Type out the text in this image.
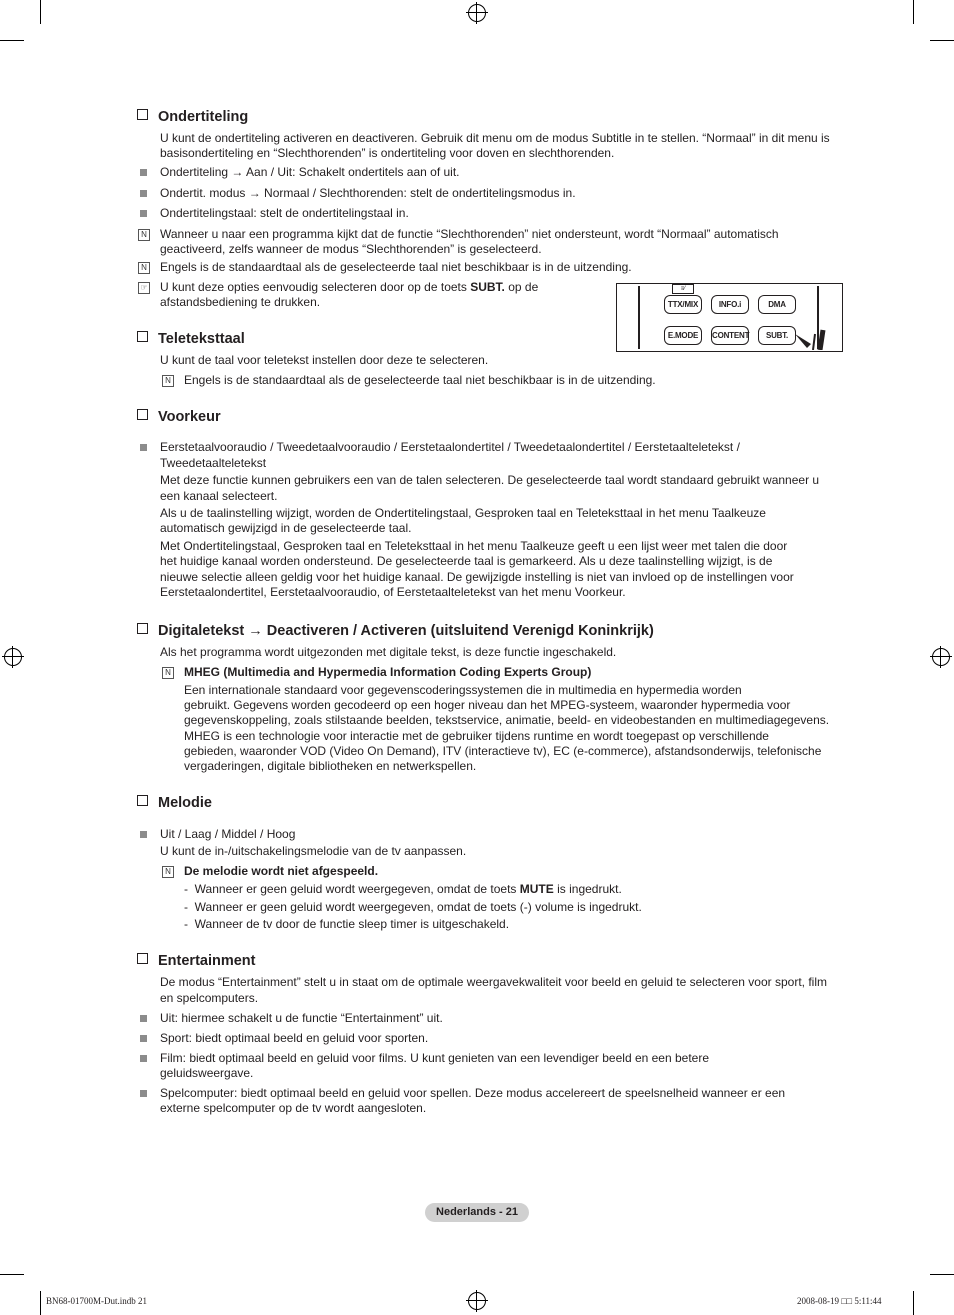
Ondertiteling
U kunt de ondertiteling activeren en deactiveren. Gebruik dit menu om de modus Subtitle in te stellen. “Normaal” in dit menu is
basisondertiteling en “Slechthorenden” is ondertiteling voor doven en slechthorenden.
Ondertiteling → Aan / Uit: Schakelt ondertitels aan of uit.
Ondertit. modus → Normaal / Slechthorenden: stelt de ondertitelingsmodus in.
Ondertitelingstaal: stelt de ondertitelingstaal in.
N Wanneer u naar een programma kijkt dat de functie “Slechthorenden” niet ondersteunt, wordt “Normaal” automatisch
geactiveerd, zelfs wanneer de modus “Slechthorenden” is geselecteerd.
N Engels is de standaardtaal als de geselecteerde taal niet beschikbaar is in de uitzending.
☞ U kunt deze opties eenvoudig selecteren door op de toets SUBT. op de
afstandsbediening te drukken.
≡⁄
TTX/MIX	INFO.i	DMA
E.MODE	CONTENT	SUBT.
Teleteksttaal
U kunt de taal voor teletekst instellen door deze te selecteren.
N Engels is de standaardtaal als de geselecteerde taal niet beschikbaar is in de uitzending.
Voorkeur
Eerstetaalvooraudio / Tweedetaalvooraudio / Eerstetaalondertitel / Tweedetaalondertitel / Eerstetaalteletekst /
Tweedetaalteletekst
Met deze functie kunnen gebruikers een van de talen selecteren. De geselecteerde taal wordt standaard gebruikt wanneer u
een kanaal selecteert.
Als u de taalinstelling wijzigt, worden de Ondertitelingstaal, Gesproken taal en Teleteksttaal in het menu Taalkeuze
automatisch gewijzigd in de geselecteerde taal.
Met Ondertitelingstaal, Gesproken taal en Teleteksttaal in het menu Taalkeuze geeft u een lijst weer met talen die door
het huidige kanaal worden ondersteund. De geselecteerde taal is gemarkeerd. Als u deze taalinstelling wijzigt, is de
nieuwe selectie alleen geldig voor het huidige kanaal. De gewijzigde instelling is niet van invloed op de instellingen voor
Eerstetaalondertitel, Eerstetaalvooraudio, of Eerstetaalteletekst van het menu Voorkeur.
Digitaletekst → Deactiveren / Activeren (uitsluitend Verenigd Koninkrijk)
Als het programma wordt uitgezonden met digitale tekst, is deze functie ingeschakeld.
N MHEG (Multimedia and Hypermedia Information Coding Experts Group)
Een internationale standaard voor gegevenscoderingssystemen die in multimedia en hypermedia worden
gebruikt. Gegevens worden gecodeerd op een hoger niveau dan het MPEG-systeem, waaronder hypermedia voor
gegevenskoppeling, zoals stilstaande beelden, tekstservice, animatie, beeld- en videobestanden en multimediagegevens.
MHEG is een technologie voor interactie met de gebruiker tijdens runtime en wordt toegepast op verschillende
gebieden, waaronder VOD (Video On Demand), ITV (interactieve tv), EC (e-commerce), afstandsonderwijs, telefonische
vergaderingen, digitale bibliotheken en netwerkspellen.
Melodie
Uit / Laag / Middel / Hoog
U kunt de in-/uitschakelingsmelodie van de tv aanpassen.
N De melodie wordt niet afgespeeld.
-  Wanneer er geen geluid wordt weergegeven, omdat de toets MUTE is ingedrukt.
-  Wanneer er geen geluid wordt weergegeven, omdat de toets (-) volume is ingedrukt.
-  Wanneer de tv door de functie sleep timer is uitgeschakeld.
Entertainment
De modus “Entertainment” stelt u in staat om de optimale weergavekwaliteit voor beeld en geluid te selecteren voor sport, film
en spelcomputers.
Uit: hiermee schakelt u de functie “Entertainment” uit.
Sport: biedt optimaal beeld en geluid voor sporten.
Film: biedt optimaal beeld en geluid voor films. U kunt genieten van een levendiger beeld en een betere
geluidsweergave.
Spelcomputer: biedt optimaal beeld en geluid voor spellen. Deze modus accelereert de speelsnelheid wanneer er een
externe spelcomputer op de tv wordt aangesloten.
Nederlands - 21
BN68-01700M-Dut.indb 21	2008-08-19 □□ 5:11:44
